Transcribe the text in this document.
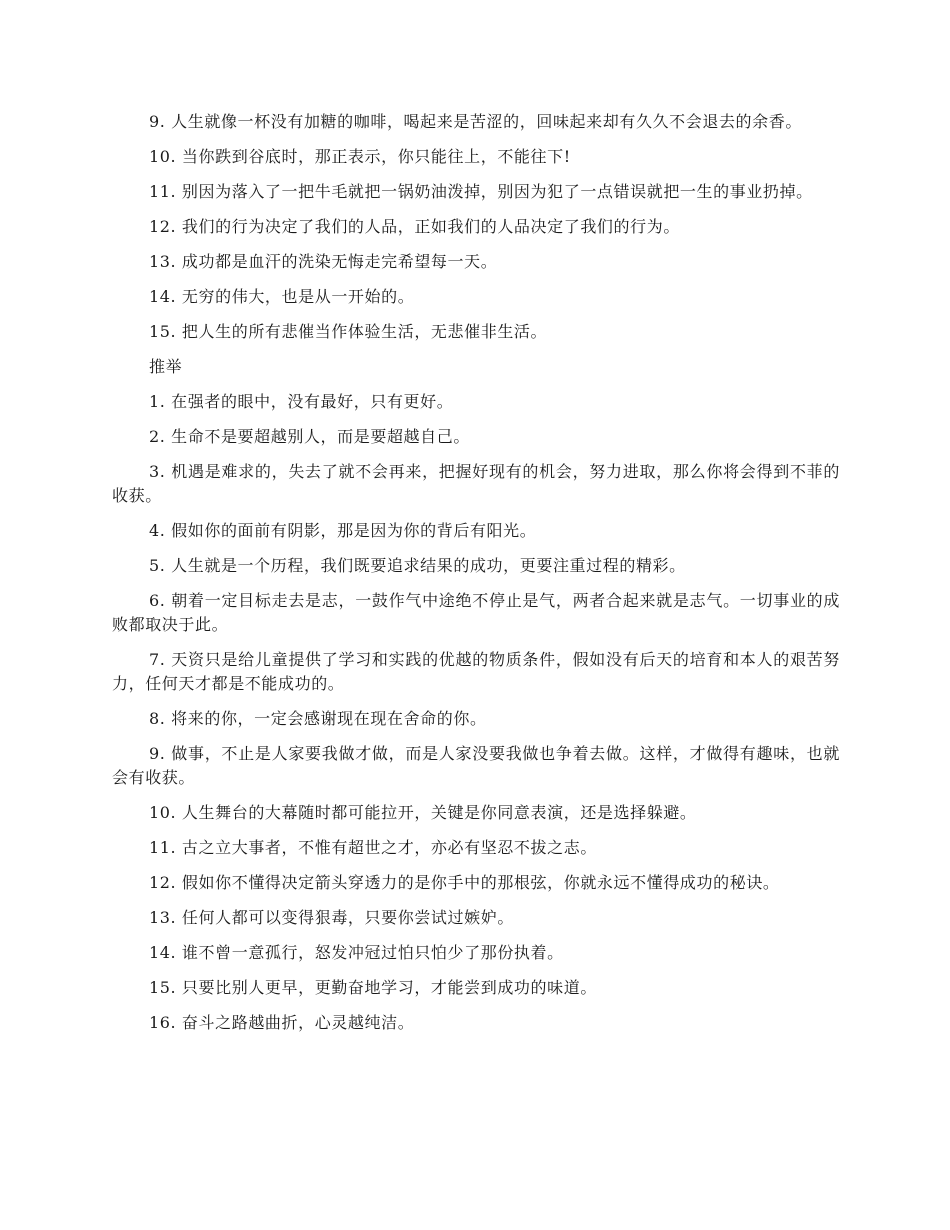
9. 人生就像一杯没有加糖的咖啡，喝起来是苦涩的，回味起来却有久久不会退去的余香。

10. 当你跌到谷底时，那正表示，你只能往上，不能往下!

11. 别因为落入了一把牛毛就把一锅奶油泼掉，别因为犯了一点错误就把一生的事业扔掉。

12. 我们的行为决定了我们的人品，正如我们的人品决定了我们的行为。

13. 成功都是血汗的洗染无悔走完希望每一天。

14. 无穷的伟大，也是从一开始的。

15. 把人生的所有悲催当作体验生活，无悲催非生活。

推举

1. 在强者的眼中，没有最好，只有更好。

2. 生命不是要超越别人，而是要超越自己。

3. 机遇是难求的，失去了就不会再来，把握好现有的机会，努力进取，那么你将会得到不菲的收获。

4. 假如你的面前有阴影，那是因为你的背后有阳光。

5. 人生就是一个历程，我们既要追求结果的成功，更要注重过程的精彩。

6. 朝着一定目标走去是志，一鼓作气中途绝不停止是气，两者合起来就是志气。一切事业的成败都取决于此。

7. 天资只是给儿童提供了学习和实践的优越的物质条件，假如没有后天的培育和本人的艰苦努力，任何天才都是不能成功的。

8. 将来的你，一定会感谢现在现在舍命的你。

9. 做事，不止是人家要我做才做，而是人家没要我做也争着去做。这样，才做得有趣味，也就会有收获。

10. 人生舞台的大幕随时都可能拉开，关键是你同意表演，还是选择躲避。

11. 古之立大事者，不惟有超世之才，亦必有坚忍不拔之志。

12. 假如你不懂得决定箭头穿透力的是你手中的那根弦，你就永远不懂得成功的秘诀。

13. 任何人都可以变得狠毒，只要你尝试过嫉妒。

14. 谁不曾一意孤行，怒发冲冠过怕只怕少了那份执着。

15. 只要比别人更早，更勤奋地学习，才能尝到成功的味道。

16. 奋斗之路越曲折，心灵越纯洁。
